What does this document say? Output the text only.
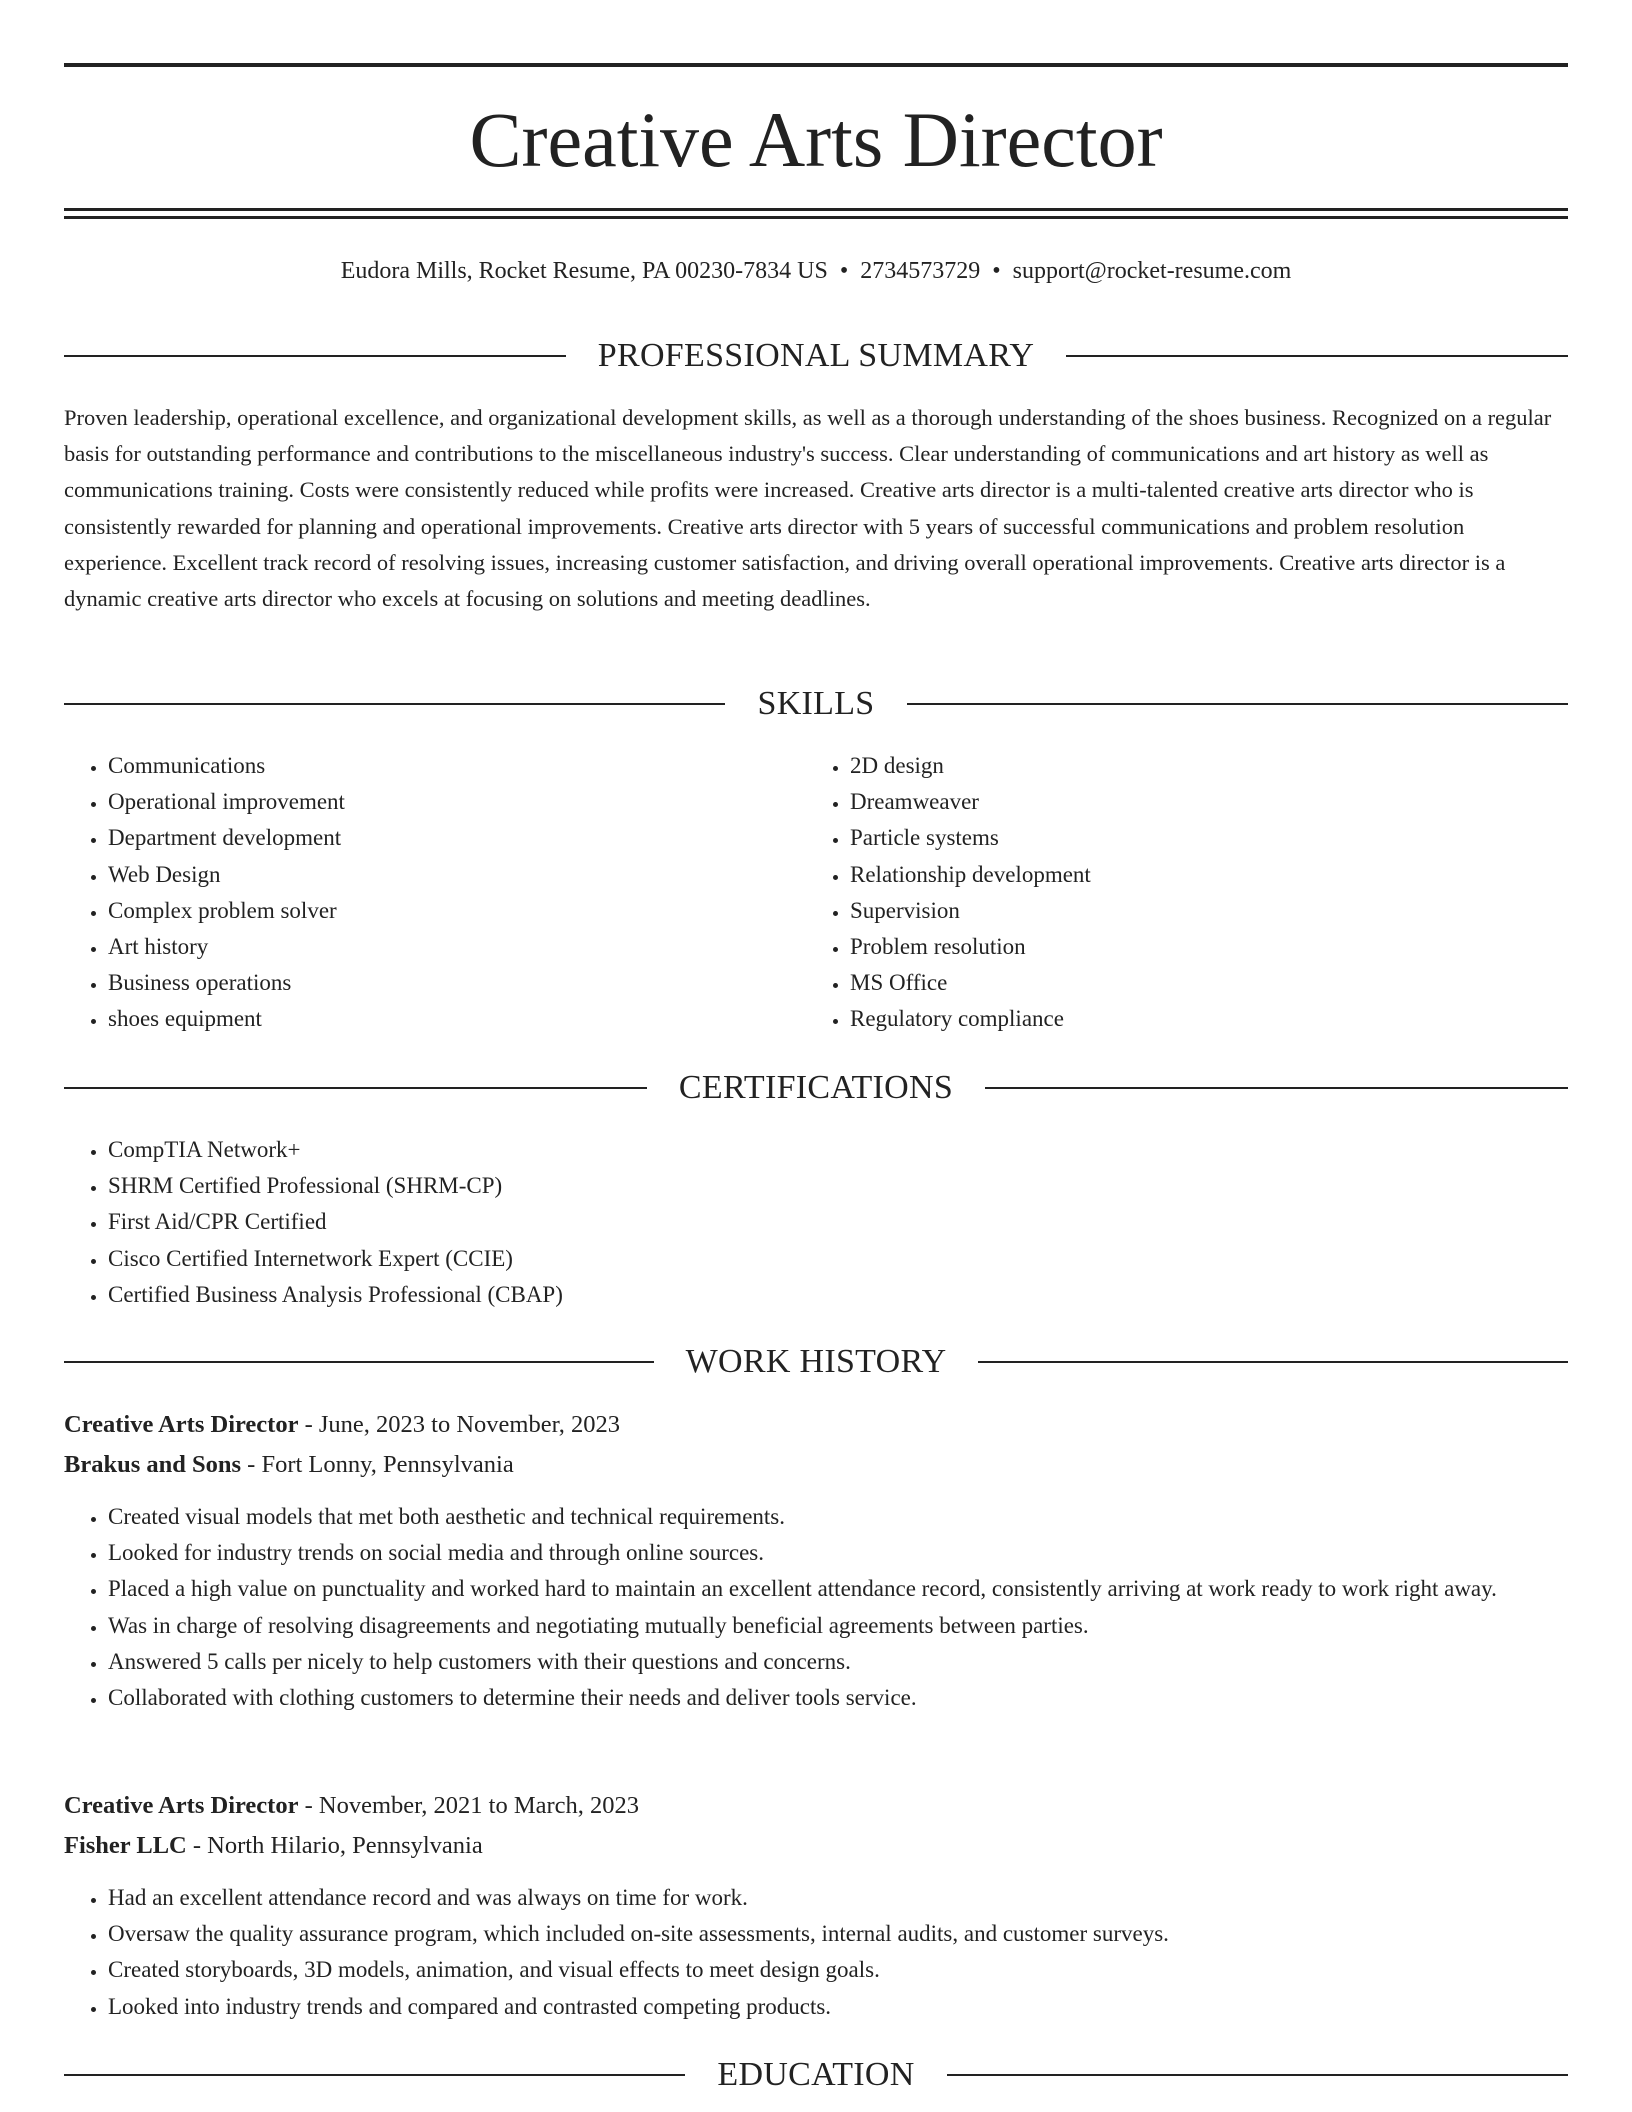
Creative Arts Director
Eudora Mills, Rocket Resume, PA 00230-7834 US • 2734573729 • support@rocket-resume.com
PROFESSIONAL SUMMARY

Proven leadership, operational excellence, and organizational development skills, as well as a thorough understanding of the shoes business. Recognized on a regular basis for outstanding performance and contributions to the miscellaneous industry's success. Clear understanding of communications and art history as well as communications training. Costs were consistently reduced while profits were increased. Creative arts director is a multi-talented creative arts director who is consistently rewarded for planning and operational improvements. Creative arts director with 5 years of successful communications and problem resolution experience. Excellent track record of resolving issues, increasing customer satisfaction, and driving overall operational improvements. Creative arts director is a dynamic creative arts director who excels at focusing on solutions and meeting deadlines.

SKILLS
• Communications
• Operational improvement
• Department development
• Web Design
• Complex problem solver
• Art history
• Business operations
• shoes equipment
• 2D design
• Dreamweaver
• Particle systems
• Relationship development
• Supervision
• Problem resolution
• MS Office
• Regulatory compliance
CERTIFICATIONS
• CompTIA Network+
• SHRM Certified Professional (SHRM-CP)
• First Aid/CPR Certified
• Cisco Certified Internetwork Expert (CCIE)
• Certified Business Analysis Professional (CBAP)
WORK HISTORY

Creative Arts Director - June, 2023 to November, 2023

Brakus and Sons - Fort Lonny, Pennsylvania

• Created visual models that met both aesthetic and technical requirements.
• Looked for industry trends on social media and through online sources.
• Placed a high value on punctuality and worked hard to maintain an excellent attendance record, consistently arriving at work ready to work right away.
• Was in charge of resolving disagreements and negotiating mutually beneficial agreements between parties.
• Answered 5 calls per nicely to help customers with their questions and concerns.
• Collaborated with clothing customers to determine their needs and deliver tools service.

Creative Arts Director - November, 2021 to March, 2023

Fisher LLC - North Hilario, Pennsylvania

• Had an excellent attendance record and was always on time for work.
• Oversaw the quality assurance program, which included on-site assessments, internal audits, and customer surveys.
• Created storyboards, 3D models, animation, and visual effects to meet design goals.
• Looked into industry trends and compared and contrasted competing products.
EDUCATION
